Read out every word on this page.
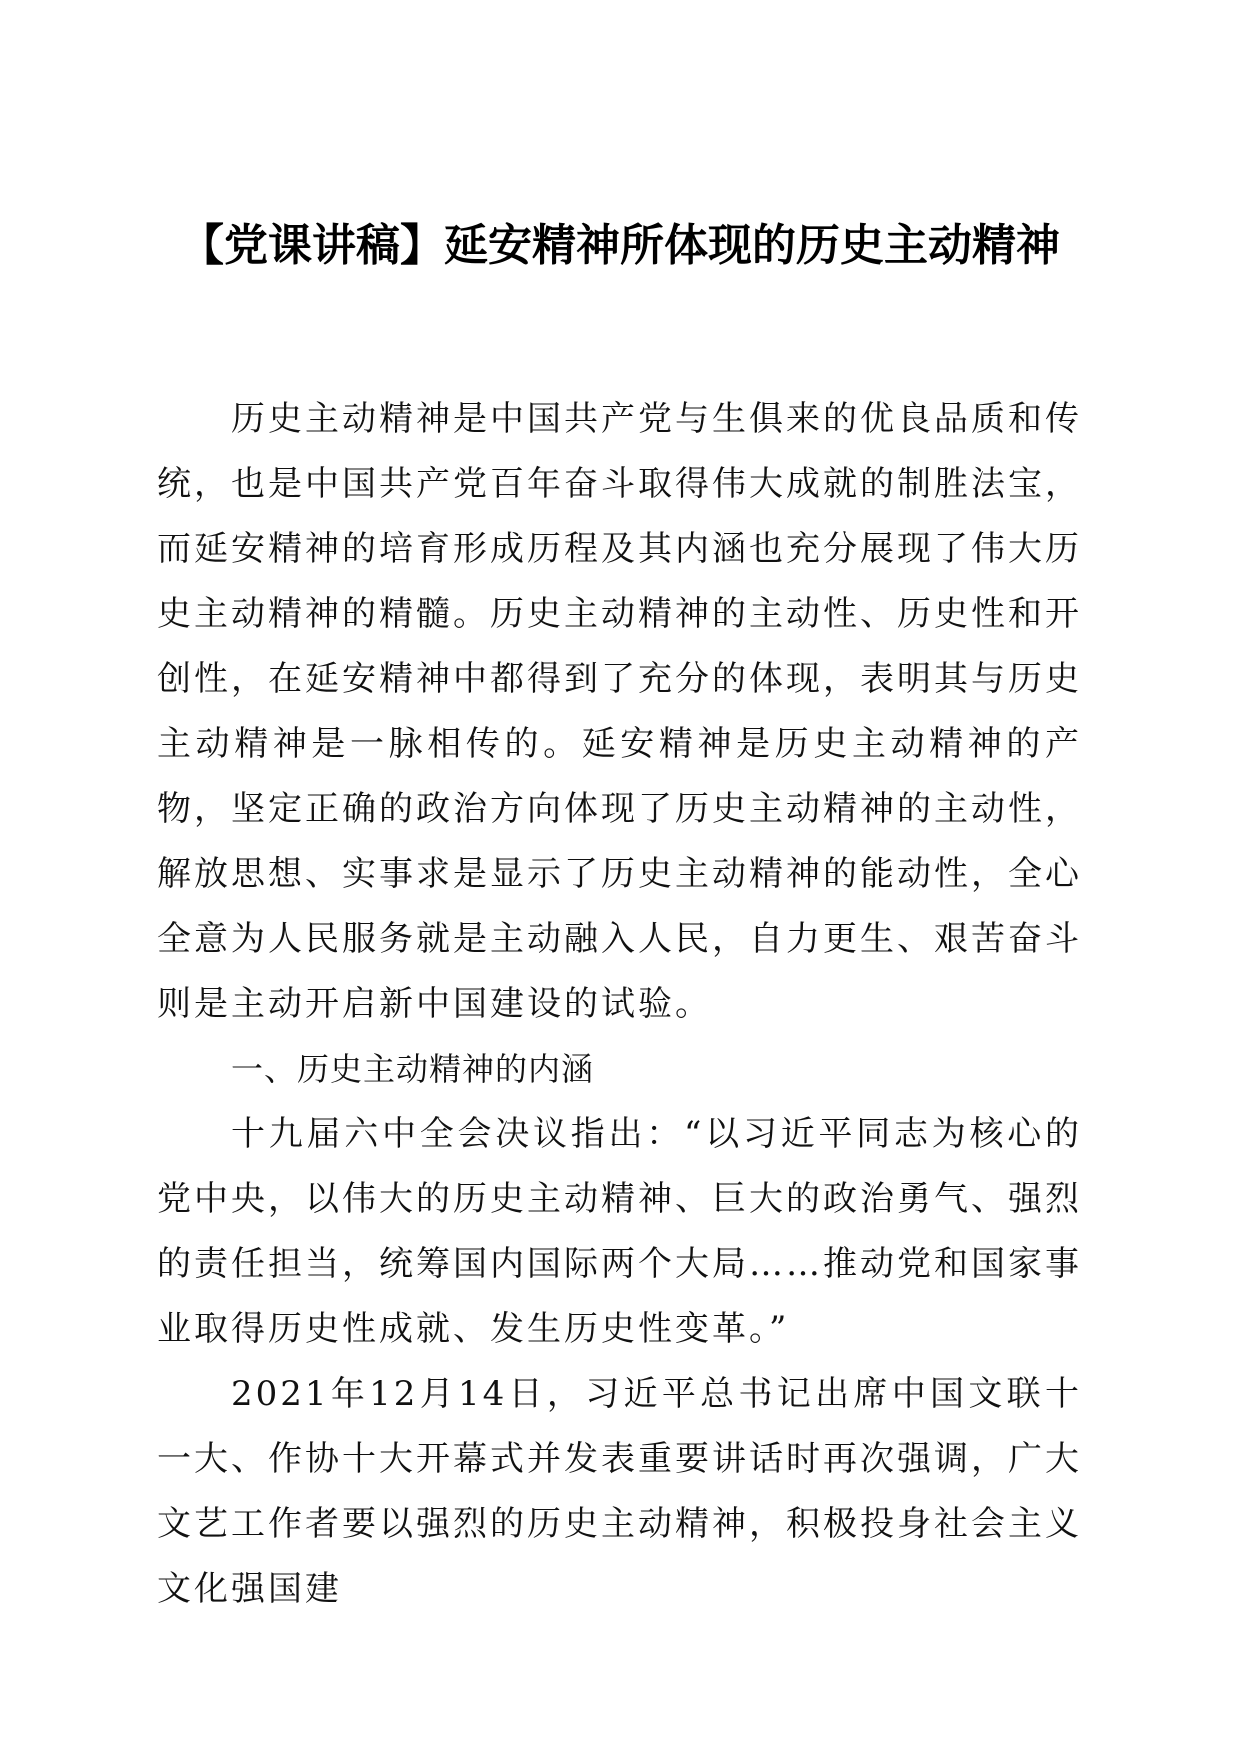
【党课讲稿】延安精神所体现的历史主动精神

历史主动精神是中国共产党与生俱来的优良品质和传统，也是中国共产党百年奋斗取得伟大成就的制胜法宝，而延安精神的培育形成历程及其内涵也充分展现了伟大历史主动精神的精髓。历史主动精神的主动性、历史性和开创性，在延安精神中都得到了充分的体现，表明其与历史主动精神是一脉相传的。延安精神是历史主动精神的产物，坚定正确的政治方向体现了历史主动精神的主动性，解放思想、实事求是显示了历史主动精神的能动性，全心全意为人民服务就是主动融入人民，自力更生、艰苦奋斗则是主动开启新中国建设的试验。

一、历史主动精神的内涵

十九届六中全会决议指出：“以习近平同志为核心的党中央，以伟大的历史主动精神、巨大的政治勇气、强烈的责任担当，统筹国内国际两个大局……推动党和国家事业取得历史性成就、发生历史性变革。”

2021年12月14日，习近平总书记出席中国文联十一大、作协十大开幕式并发表重要讲话时再次强调，广大文艺工作者要以强烈的历史主动精神，积极投身社会主义文化强国建
